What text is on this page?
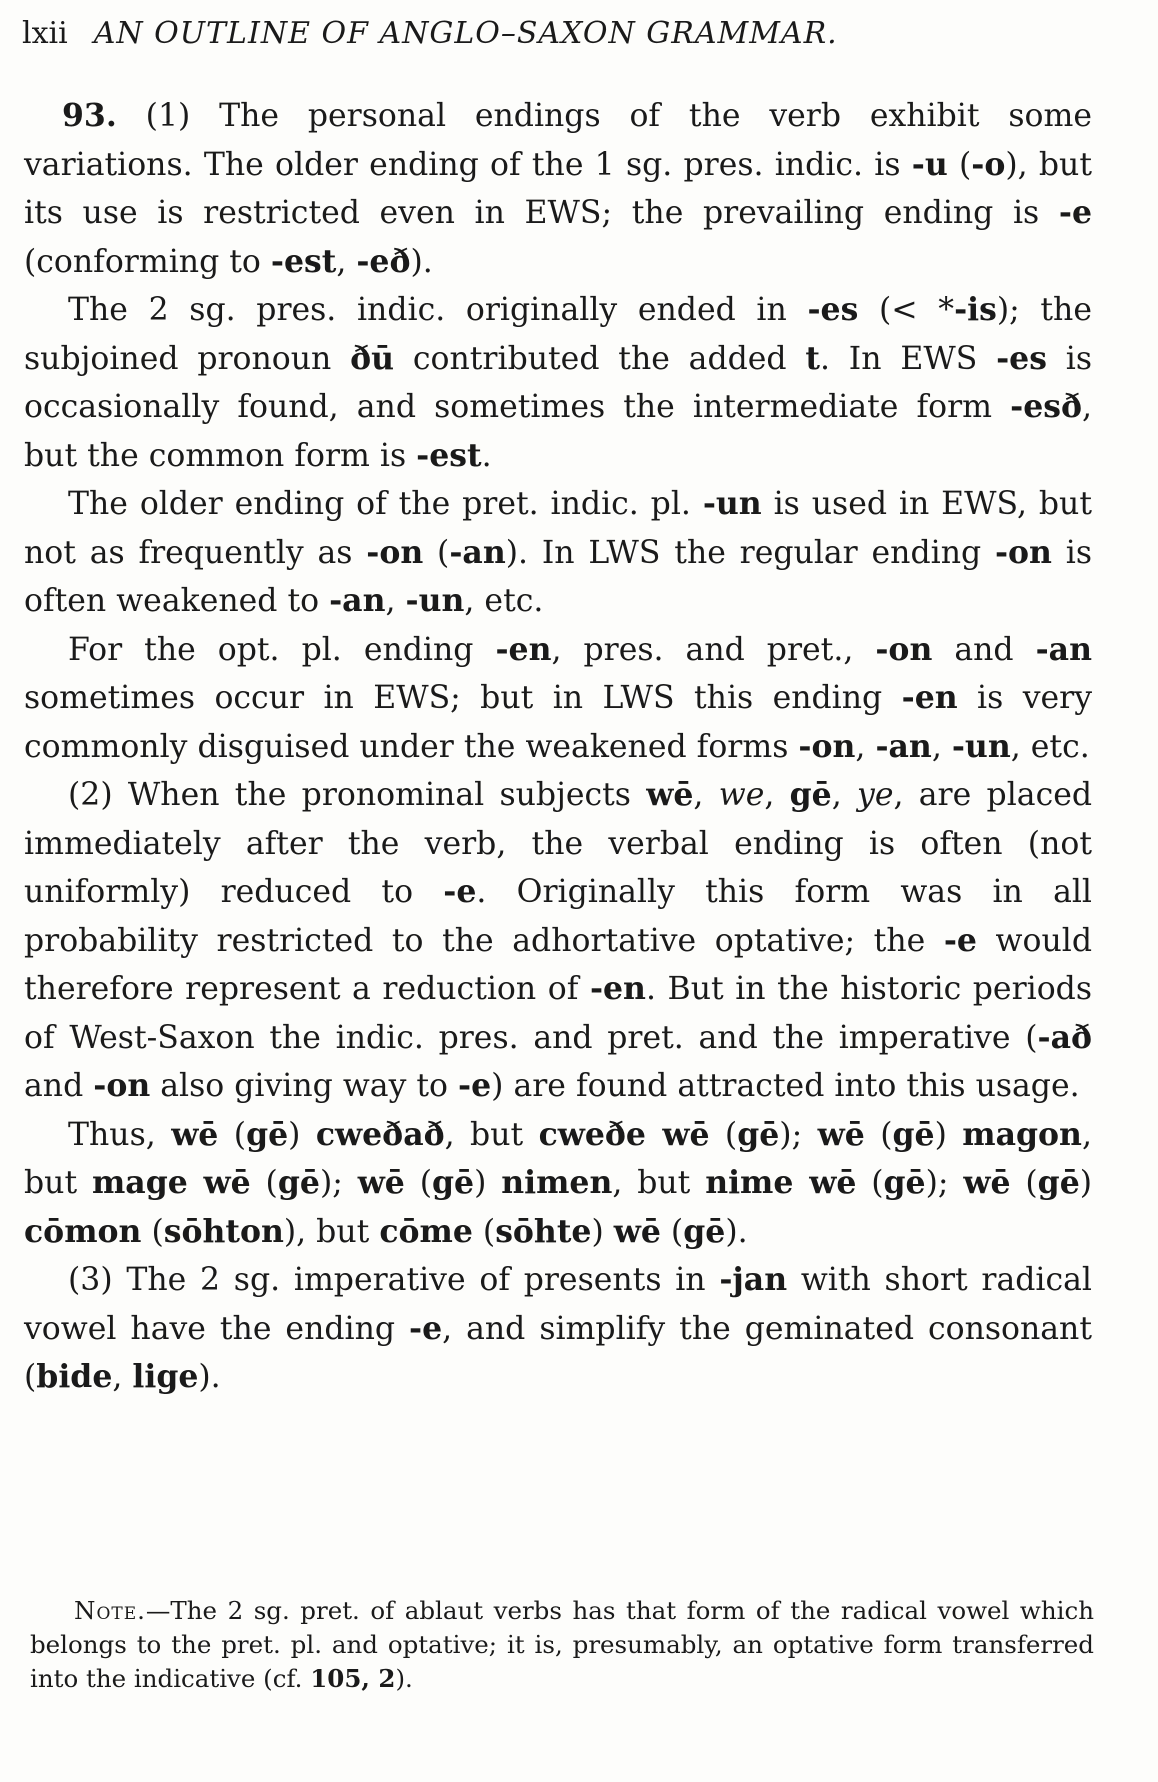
lxii AN OUTLINE OF ANGLO–SAXON GRAMMAR.

93. (1) The personal endings of the verb exhibit some variations. The older ending of the 1 sg. pres. indic. is -u (-o), but its use is restricted even in EWS; the prevailing ending is -e (conforming to -est, -eð).

The 2 sg. pres. indic. originally ended in -es (< *-is); the subjoined pronoun ðū contributed the added t. In EWS -es is occasionally found, and sometimes the intermediate form -esð, but the common form is -est.

The older ending of the pret. indic. pl. -un is used in EWS, but not as frequently as -on (-an). In LWS the regular ending -on is often weakened to -an, -un, etc.

For the opt. pl. ending -en, pres. and pret., -on and -an sometimes occur in EWS; but in LWS this ending -en is very commonly disguised under the weakened forms -on, -an, -un, etc.

(2) When the pronominal subjects wē, we, gē, ye, are placed immediately after the verb, the verbal ending is often (not uniformly) reduced to -e. Originally this form was in all probability restricted to the adhortative optative; the -e would therefore represent a reduction of -en. But in the historic periods of West-Saxon the indic. pres. and pret. and the imperative (-að and -on also giving way to -e) are found attracted into this usage.

Thus, wē (gē) cweðað, but cweðe wē (gē); wē (gē) magon, but mage wē (gē); wē (gē) nimen, but nime wē (gē); wē (gē) cōmon (sōhton), but cōme (sōhte) wē (gē).

(3) The 2 sg. imperative of presents in -jan with short radical vowel have the ending -e, and simplify the geminated consonant (bide, lige).

Note.—The 2 sg. pret. of ablaut verbs has that form of the radical vowel which belongs to the pret. pl. and optative; it is, presumably, an optative form transferred into the indicative (cf. 105, 2).
